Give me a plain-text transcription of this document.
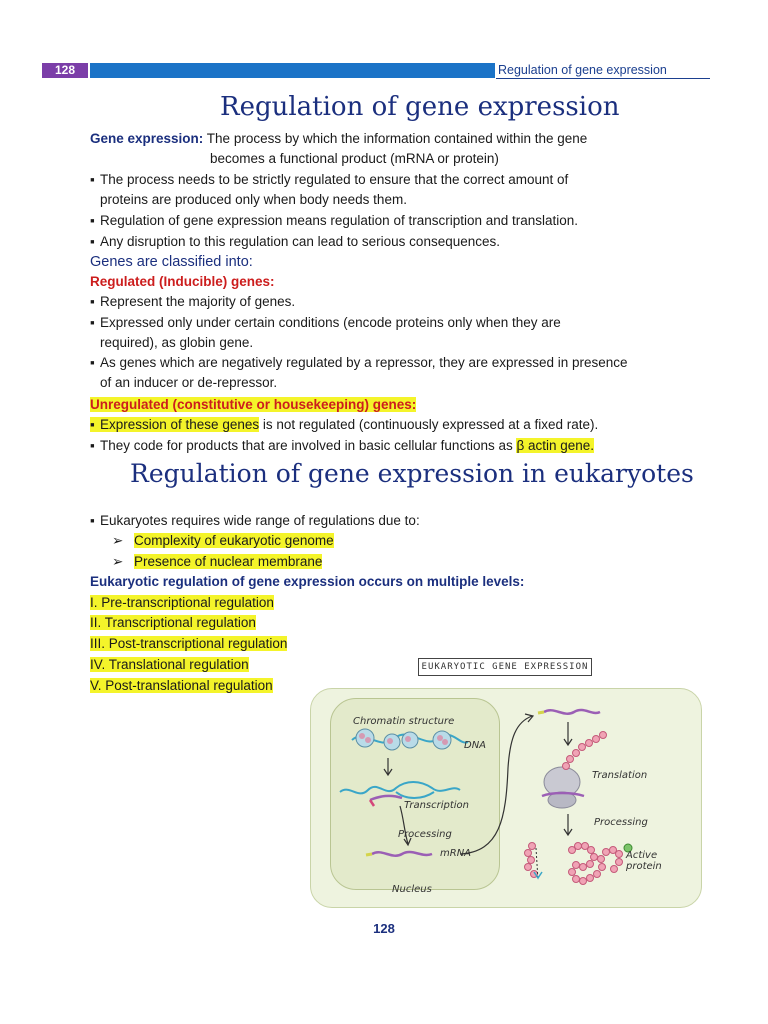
128	Regulation of gene expression
Regulation of gene expression
Gene expression: The process by which the information contained within the gene
becomes a functional product (mRNA or protein)
▪ The process needs to be strictly regulated to ensure that the correct amount of
proteins are produced only when body needs them.
▪ Regulation of gene expression means regulation of transcription and translation.
▪ Any disruption to this regulation can lead to serious consequences.
Genes are classified into:
Regulated (Inducible) genes:
▪ Represent the majority of genes.
▪ Expressed only under certain conditions (encode proteins only when they are
required), as globin gene.
▪ As genes which are negatively regulated by a repressor, they are expressed in presence
of an inducer or de-repressor.
Unregulated (constitutive or housekeeping) genes:
▪ Expression of these genes is not regulated (continuously expressed at a fixed rate).
▪ They code for products that are involved in basic cellular functions as β actin gene.
Regulation of gene expression in eukaryotes
▪ Eukaryotes requires wide range of regulations due to:
➢ Complexity of eukaryotic genome
➢ Presence of nuclear membrane
Eukaryotic regulation of gene expression occurs on multiple levels:
I. Pre-transcriptional regulation
II. Transcriptional regulation
III. Post-transcriptional regulation
IV. Translational regulation
V. Post-translational regulation
EUKARYOTIC GENE EXPRESSION
Chromatin structure
DNA
Transcription
Processing
mRNA
Nucleus
Translation
Processing
Active
protein
128
